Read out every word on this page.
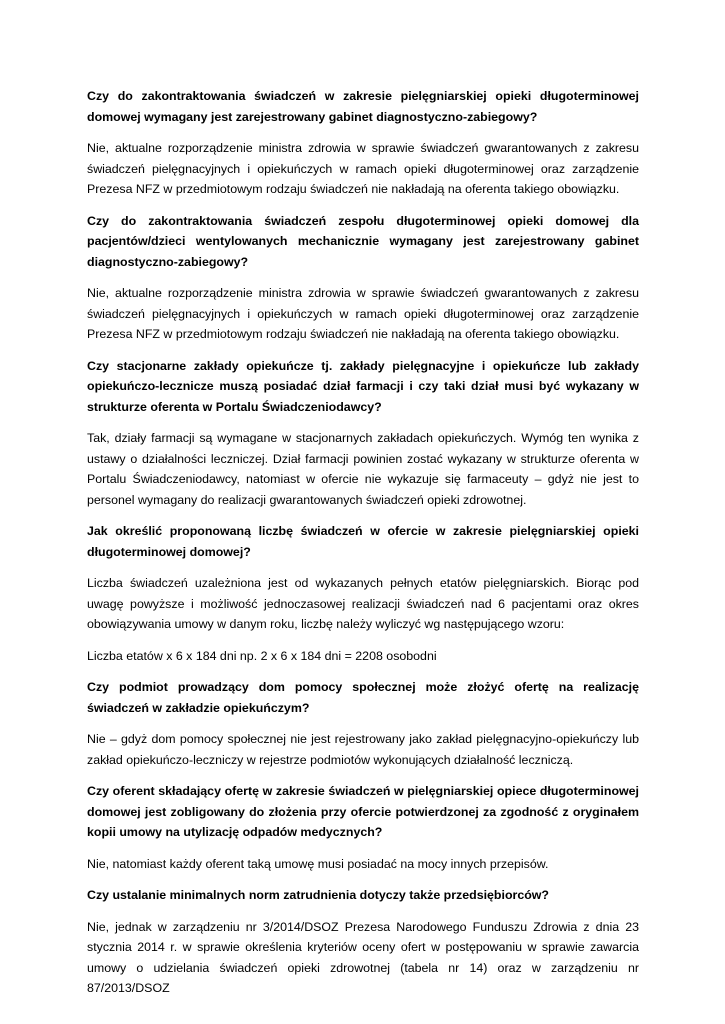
Czy do zakontraktowania świadczeń w zakresie pielęgniarskiej opieki długoterminowej domowej wymagany jest zarejestrowany gabinet diagnostyczno-zabiegowy?

Nie, aktualne rozporządzenie ministra zdrowia w sprawie świadczeń gwarantowanych z zakresu świadczeń pielęgnacyjnych i opiekuńczych w ramach opieki długoterminowej oraz zarządzenie Prezesa NFZ w przedmiotowym rodzaju świadczeń nie nakładają na oferenta takiego obowiązku.

Czy do zakontraktowania świadczeń zespołu długoterminowej opieki domowej dla pacjentów/dzieci wentylowanych mechanicznie wymagany jest zarejestrowany gabinet diagnostyczno-zabiegowy?

Nie, aktualne rozporządzenie ministra zdrowia w sprawie świadczeń gwarantowanych z zakresu świadczeń pielęgnacyjnych i opiekuńczych w ramach opieki długoterminowej oraz zarządzenie Prezesa NFZ w przedmiotowym rodzaju świadczeń nie nakładają na oferenta takiego obowiązku.

Czy stacjonarne zakłady opiekuńcze tj. zakłady pielęgnacyjne i opiekuńcze lub zakłady opiekuńczo-lecznicze muszą posiadać dział farmacji i czy taki dział musi być wykazany w strukturze oferenta w Portalu Świadczeniodawcy?

Tak, działy farmacji są wymagane w stacjonarnych zakładach opiekuńczych. Wymóg ten wynika z ustawy o działalności leczniczej. Dział farmacji powinien zostać wykazany w strukturze oferenta w Portalu Świadczeniodawcy, natomiast w ofercie nie wykazuje się farmaceuty – gdyż nie jest to personel wymagany do realizacji gwarantowanych świadczeń opieki zdrowotnej.

Jak określić proponowaną liczbę świadczeń w ofercie w zakresie pielęgniarskiej opieki długoterminowej domowej?

Liczba świadczeń uzależniona jest od wykazanych pełnych etatów pielęgniarskich. Biorąc pod uwagę powyższe i możliwość jednoczasowej realizacji świadczeń nad 6 pacjentami oraz okres obowiązywania umowy w danym roku, liczbę należy wyliczyć wg następującego wzoru:

Liczba etatów x 6 x 184 dni np. 2 x 6 x 184 dni = 2208 osobodni

Czy podmiot prowadzący dom pomocy społecznej może złożyć ofertę na realizację świadczeń w zakładzie opiekuńczym?

Nie – gdyż dom pomocy społecznej nie jest rejestrowany jako zakład pielęgnacyjno-opiekuńczy lub zakład opiekuńczo-leczniczy w rejestrze podmiotów wykonujących działalność leczniczą.

Czy oferent składający ofertę w zakresie świadczeń w pielęgniarskiej opiece długoterminowej domowej jest zobligowany do złożenia przy ofercie potwierdzonej za zgodność z oryginałem kopii umowy na utylizację odpadów medycznych?

Nie, natomiast każdy oferent taką umowę musi posiadać na mocy innych przepisów.

Czy ustalanie minimalnych norm zatrudnienia dotyczy także przedsiębiorców?

Nie, jednak w zarządzeniu nr 3/2014/DSOZ Prezesa Narodowego Funduszu Zdrowia z dnia 23 stycznia 2014 r. w sprawie określenia kryteriów oceny ofert w postępowaniu w sprawie zawarcia umowy o udzielania świadczeń opieki zdrowotnej (tabela nr 14) oraz w zarządzeniu nr 87/2013/DSOZ
